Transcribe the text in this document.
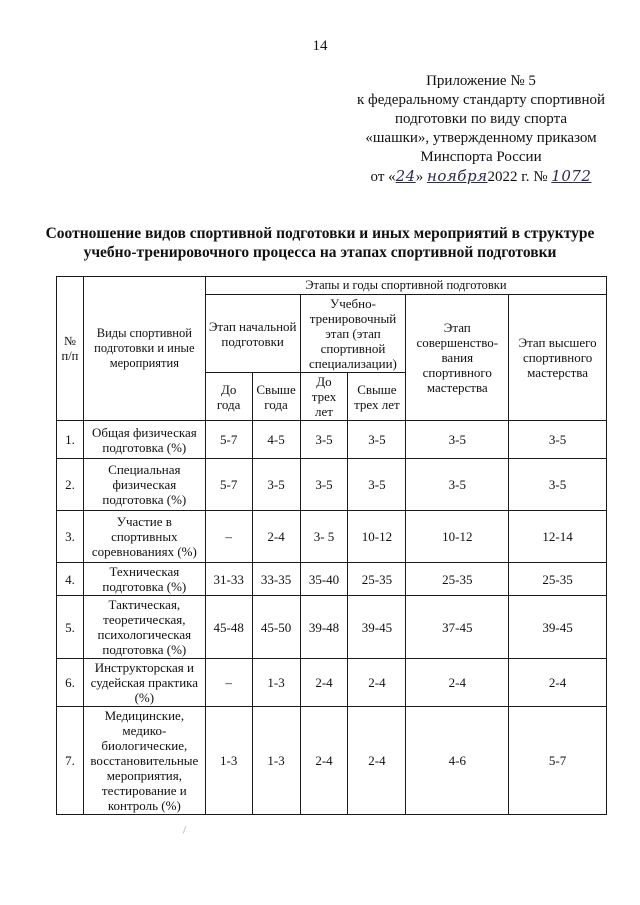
14
Приложение № 5
к федеральному стандарту спортивной
подготовки по виду спорта
«шашки», утвержденному приказом
Минспорта России
от «24» ноября2022 г. № 1072
Соотношение видов спортивной подготовки и иных мероприятий в структуре
учебно-тренировочного процесса на этапах спортивной подготовки
№ п/п	Виды спортивной подготовки и иные мероприятия	Этапы и годы спортивной подготовки					
		Этап начальной подготовки		Учебно-тренировочный этап (этап спортивной специализации)		Этап совершенство-вания спортивного мастерства	Этап высшего спортивного мастерства
		До года	Свыше года	До трех лет	Свыше трех лет		
1.	Общая физическая подготовка (%)	5-7	4-5	3-5	3-5	3-5	3-5
2.	Специальная физическая подготовка (%)	5-7	3-5	3-5	3-5	3-5	3-5
3.	Участие в спортивных соревнованиях (%)	–	2-4	3- 5	10-12	10-12	12-14
4.	Техническая подготовка (%)	31-33	33-35	35-40	25-35	25-35	25-35
5.	Тактическая, теоретическая, психологическая подготовка (%)	45-48	45-50	39-48	39-45	37-45	39-45
6.	Инструкторская и судейская практика (%)	–	1-3	2-4	2-4	2-4	2-4
7.	Медицинские, медико-биологические, восстановительные мероприятия, тестирование и контроль (%)	1-3	1-3	2-4	2-4	4-6	5-7
